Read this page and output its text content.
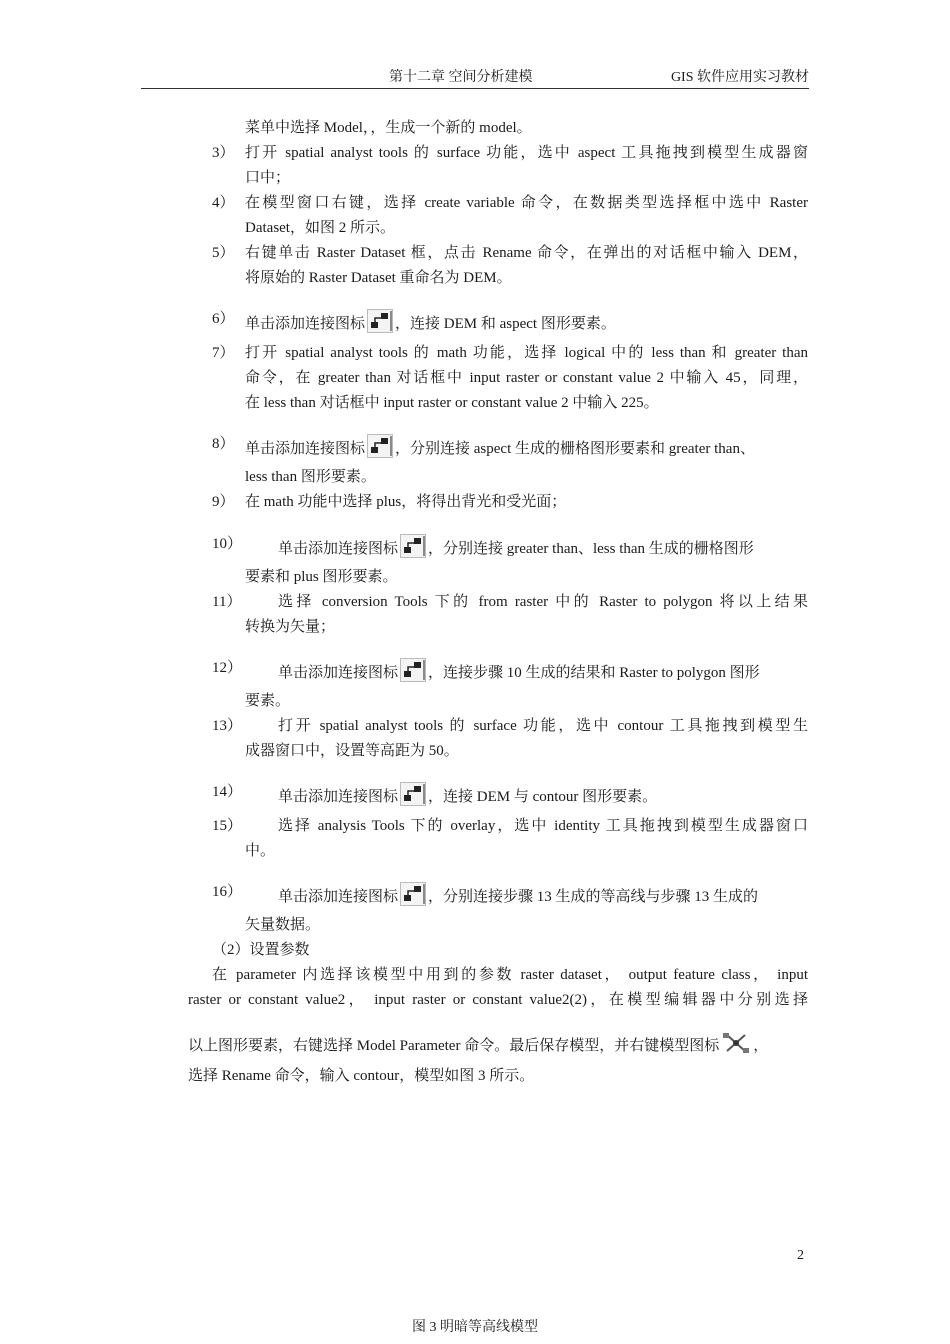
第十二章 空间分析建模	GIS 软件应用实习教材
菜单中选择 Model，，生成一个新的 model。
3） 打开 spatial analyst tools 的 surface 功能，选中 aspect 工具拖拽到模型生成器窗
口中；
4） 在模型窗口右键，选择 create variable 命令，在数据类型选择框中选中 Raster
Dataset，如图 2 所示。
5） 右键单击 Raster Dataset 框，点击 Rename 命令，在弹出的对话框中输入 DEM，
将原始的 Raster Dataset 重命名为 DEM。
6） 单击添加连接图标 ，连接 DEM 和 aspect 图形要素。
7） 打开 spatial analyst tools 的 math 功能，选择 logical 中的 less than 和 greater than
命令，在 greater than 对话框中 input raster or constant value 2 中输入 45，同理，
在 less than 对话框中 input raster or constant value 2 中输入 225。
8） 单击添加连接图标 ，分别连接 aspect 生成的栅格图形要素和 greater than、
less than 图形要素。
9） 在 math 功能中选择 plus，将得出背光和受光面；
10） 单击添加连接图标 ，分别连接 greater than、less than 生成的栅格图形
要素和 plus 图形要素。
11） 选择 conversion Tools 下的 from raster 中的 Raster to polygon 将以上结果
转换为矢量；
12） 单击添加连接图标 ，连接步骤 10 生成的结果和 Raster to polygon 图形
要素。
13） 打开 spatial analyst tools 的 surface 功能，选中 contour 工具拖拽到模型生
成器窗口中，设置等高距为 50。
14） 单击添加连接图标 ，连接 DEM 与 contour 图形要素。
15） 选择 analysis Tools 下的 overlay，选中 identity 工具拖拽到模型生成器窗口
中。
16） 单击添加连接图标 ，分别连接步骤 13 生成的等高线与步骤 13 生成的
矢量数据。
（2）设置参数
在 parameter 内选择该模型中用到的参数 raster dataset， output feature class， input
raster or constant value2， input raster or constant value2(2)，在模型编辑器中分别选择
以上图形要素，右键选择 Model Parameter 命令。最后保存模型，并右键模型图标 ，
选择 Rename 命令，输入 contour，模型如图 3 所示。
2
图 3 明暗等高线模型
